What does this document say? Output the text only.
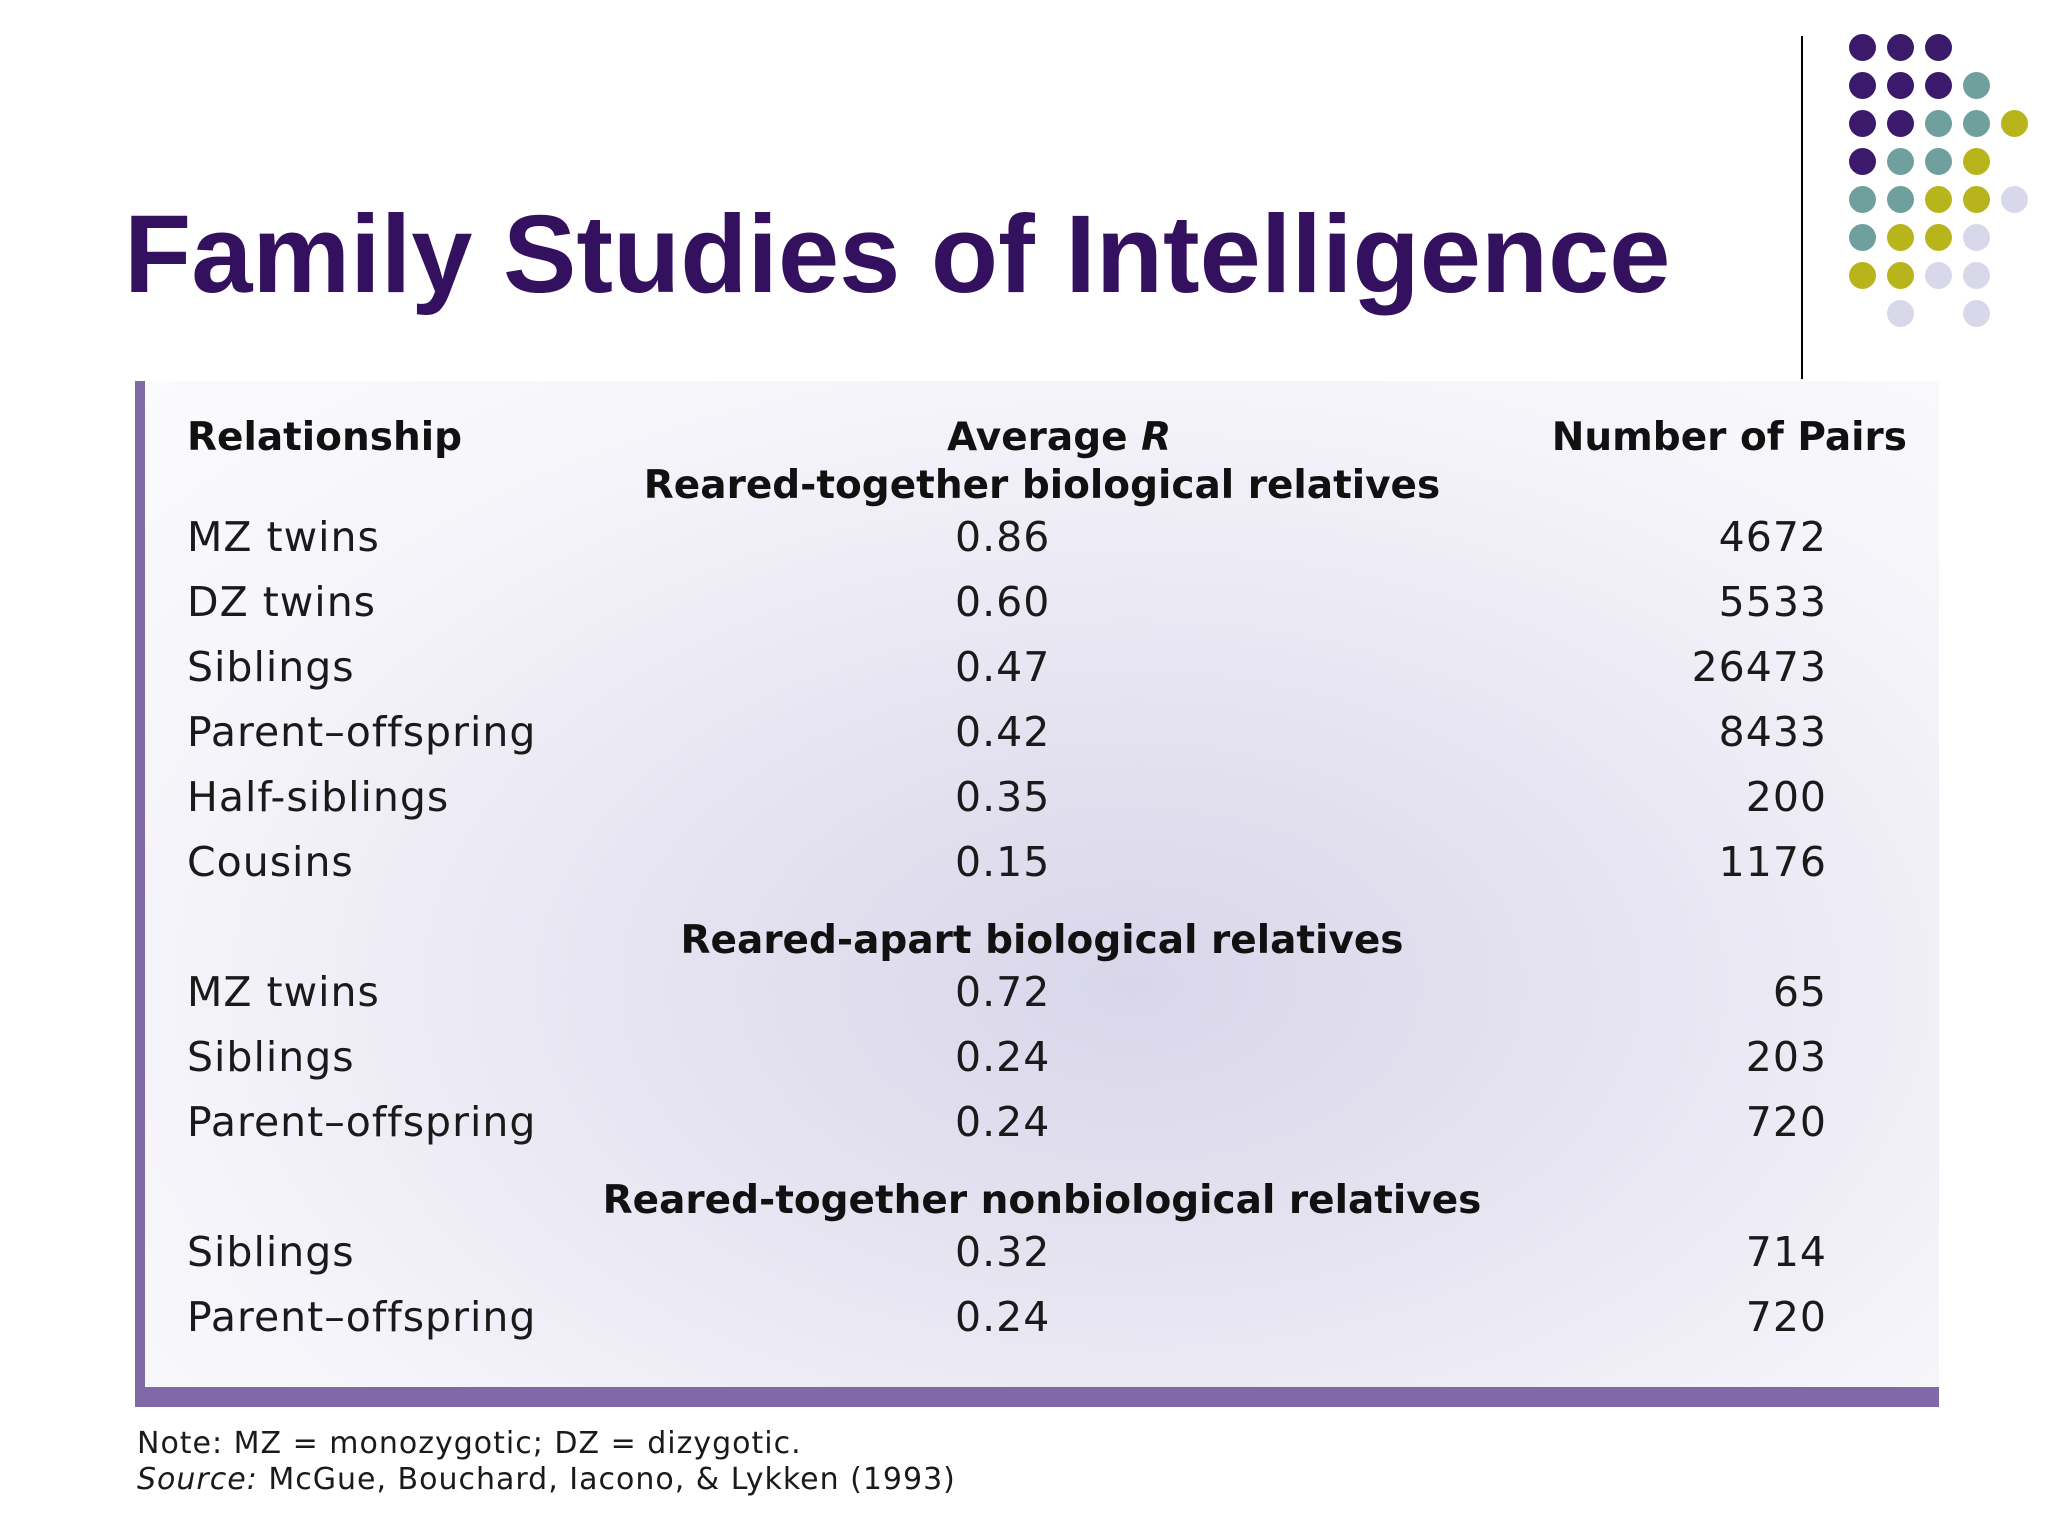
Family Studies of Intelligence
Relationship	Average R	Number of Pairs
Reared-together biological relatives
MZ twins	0.86	4672
DZ twins	0.60	5533
Siblings	0.47	26473
Parent–offspring	0.42	8433
Half-siblings	0.35	200
Cousins	0.15	1176
Reared-apart biological relatives
MZ twins	0.72	65
Siblings	0.24	203
Parent–offspring	0.24	720
Reared-together nonbiological relatives
Siblings	0.32	714
Parent–offspring	0.24	720
Note: MZ = monozygotic; DZ = dizygotic.
Source: McGue, Bouchard, Iacono, & Lykken (1993)
